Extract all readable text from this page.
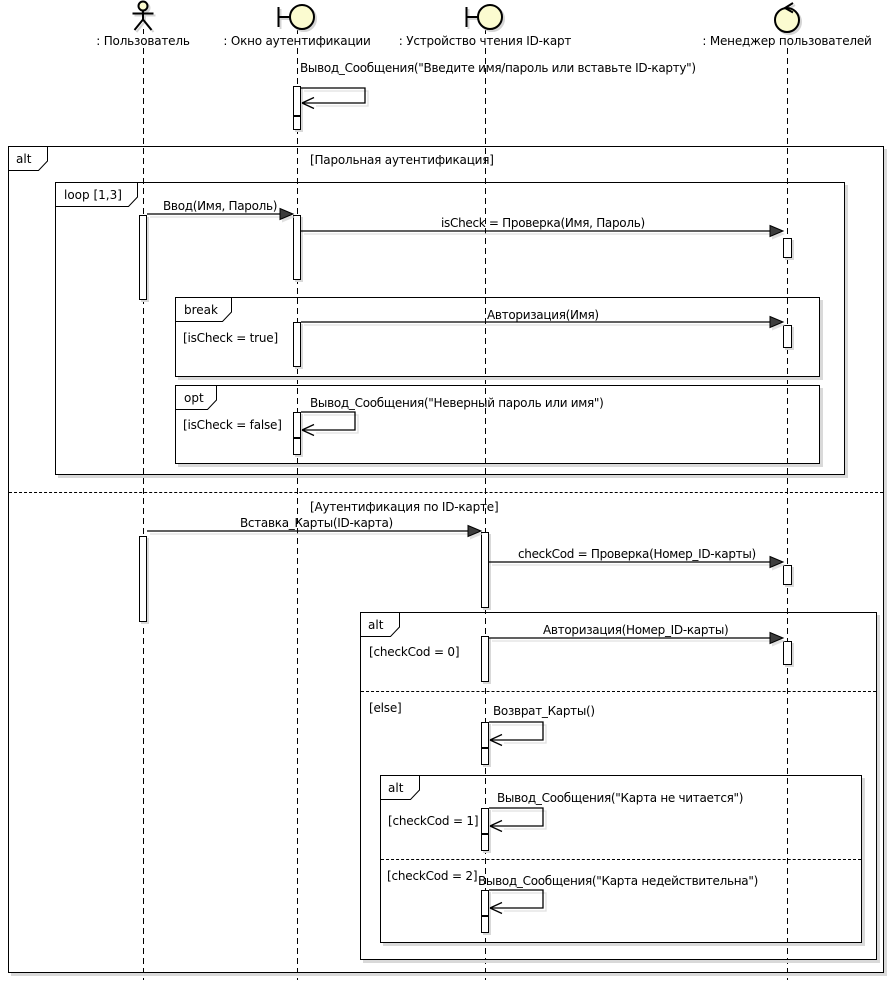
alt
loop [1,3]
break
opt
alt
alt
[Парольная аутентификация]
[Аутентификация по ID-карте]
[isCheck = true]
[isCheck = false]
[checkCod = 0]
[else]
[checkCod = 1]
[checkCod = 2]
Вывод_Сообщения("Введите имя/пароль или вставьте ID-карту")
Ввод(Имя, Пароль)
isCheck = Проверка(Имя, Пароль)
Авторизация(Имя)
Вывод_Сообщения("Неверный пароль или имя")
Вставка_Карты(ID-карта)
checkCod = Проверка(Номер_ID-карты)
Авторизация(Номер_ID-карты)
Возврат_Карты()
Вывод_Сообщения("Карта не читается")
Вывод_Сообщения("Карта недействительна")
: Пользователь	: Окно аутентификации : Устройство чтения ID-карт	: Менеджер пользователей
